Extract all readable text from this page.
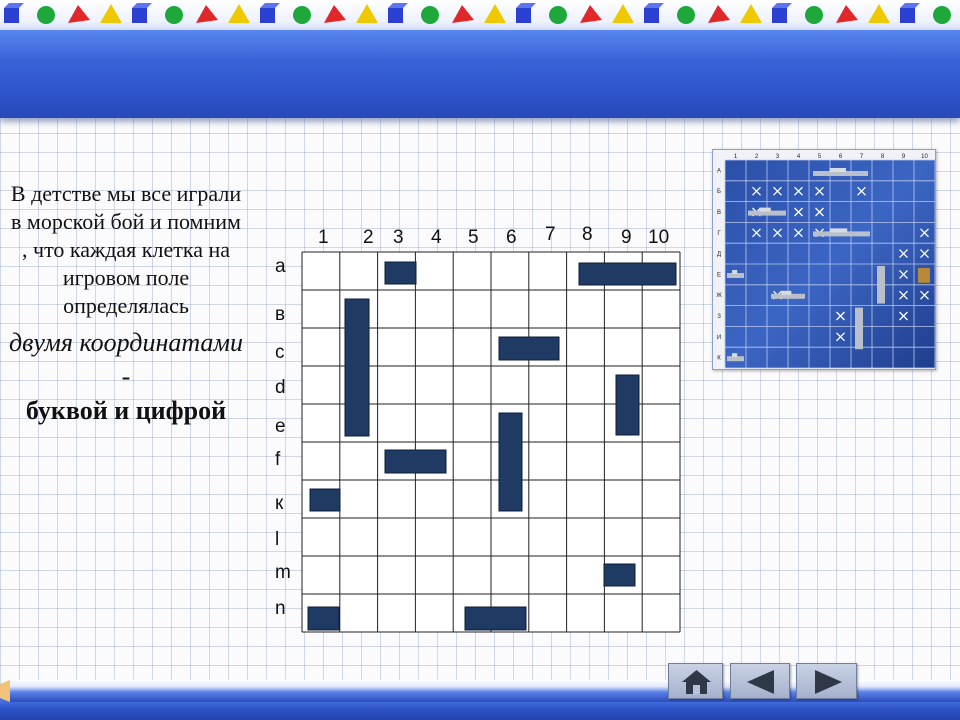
В детстве мы все играли в морской бой и помним , что каждая клетка на игровом поле определялась
двумя координатами -
буквой и цифрой
1 2 3 4 5 6 7 8 9 10
a
в
c
d
e
f
к
l
m
n
1	2	3	4	5	6	7	8	9	10
А
Б
В
Г
Д
Е
Ж
З
И
К
